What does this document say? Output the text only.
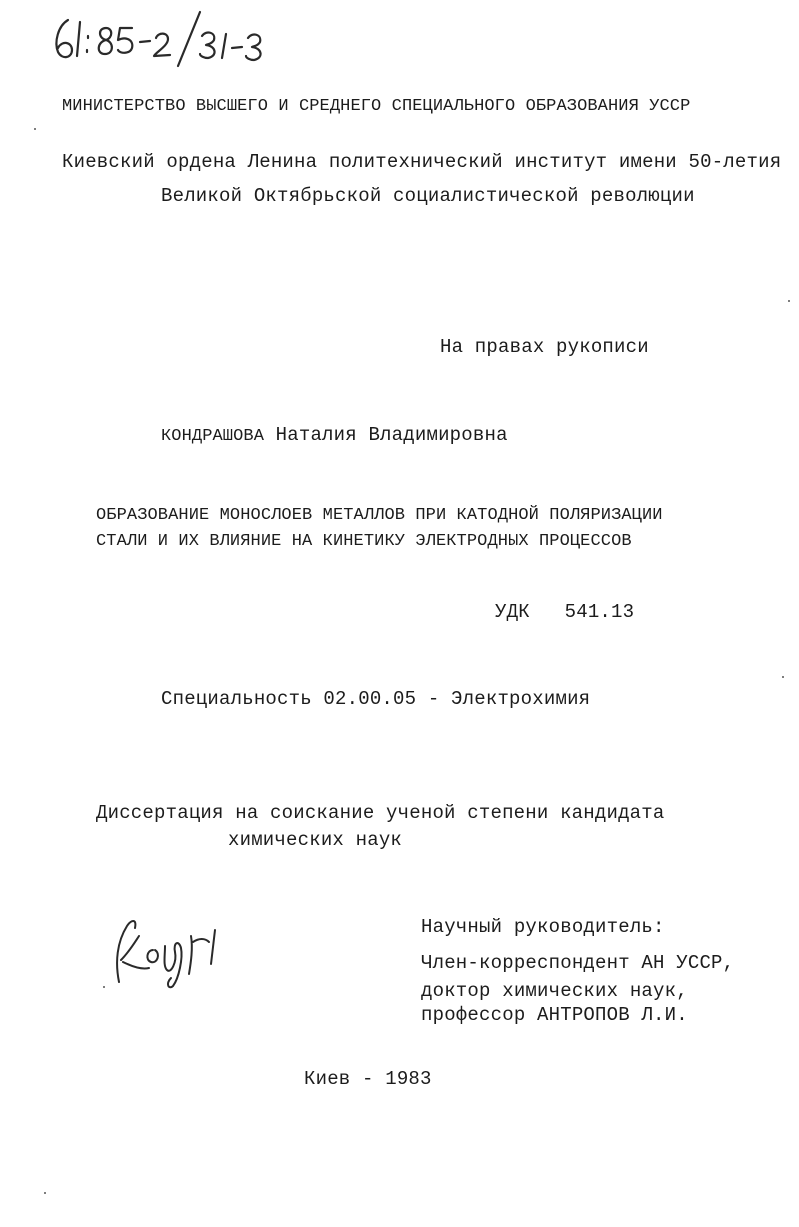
МИНИСТЕРСТВО ВЫСШЕГО И СРЕДНЕГО СПЕЦИАЛЬНОГО ОБРАЗОВАНИЯ УССР
Киевский ордена Ленина политехнический институт имени 50-летия
Великой Октябрьской социалистической революции
На правах рукописи
КОНДРАШОВА Наталия Владимировна
ОБРАЗОВАНИЕ МОНОСЛОЕВ МЕТАЛЛОВ ПРИ КАТОДНОЙ ПОЛЯРИЗАЦИИ
СТАЛИ И ИХ ВЛИЯНИЕ НА КИНЕТИКУ ЭЛЕКТРОДНЫХ ПРОЦЕССОВ
УДК 541.13
Специальность 02.00.05 - Электрохимия
Диссертация на соискание ученой степени кандидата
химических наук
Научный руководитель:
Член-корреспондент АН УССР,
доктор химических наук,
профессор АНТРОПОВ Л.И.
Киев - 1983
